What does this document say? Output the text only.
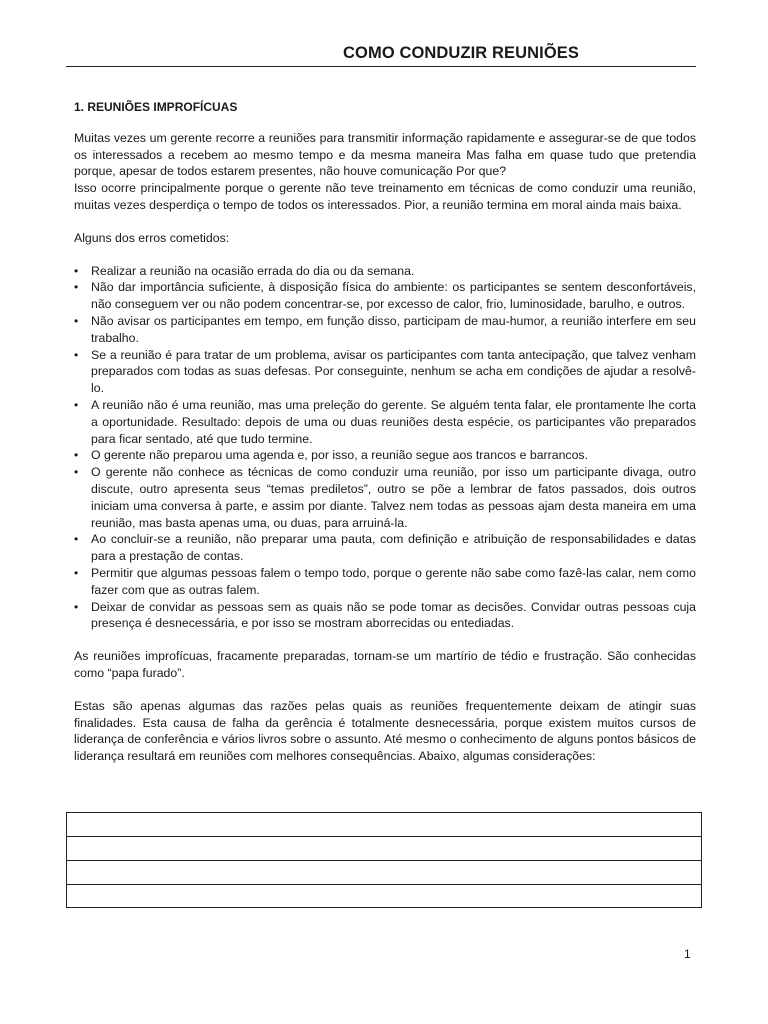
COMO CONDUZIR REUNIÕES
1. REUNIÕES IMPROFÍCUAS

Muitas vezes um gerente recorre a reuniões para transmitir informação rapidamente e assegurar-se de que todos os interessados a recebem ao mesmo tempo e da mesma maneira Mas falha em quase tudo que pretendia porque, apesar de todos estarem presentes, não houve comunicação Por que?

Isso ocorre principalmente porque o gerente não teve treinamento em técnicas de como conduzir uma reunião, muitas vezes desperdiça o tempo de todos os interessados. Pior, a reunião termina em moral ainda mais baixa.

Alguns dos erros cometidos:

• Realizar a reunião na ocasião errada do dia ou da semana.
• Não dar importância suficiente, à disposição física do ambiente: os participantes se sentem desconfortáveis, não conseguem ver ou não podem concentrar-se, por excesso de calor, frio, luminosidade, barulho, e outros.
• Não avisar os participantes em tempo, em função disso, participam de mau-humor, a reunião interfere em seu trabalho.
• Se a reunião é para tratar de um problema, avisar os participantes com tanta antecipação, que talvez venham preparados com todas as suas defesas. Por conseguinte, nenhum se acha em condições de ajudar a resolvê-lo.
• A reunião não é uma reunião, mas uma preleção do gerente. Se alguém tenta falar, ele prontamente lhe corta a oportunidade. Resultado: depois de uma ou duas reuniões desta espécie, os participantes vão preparados para ficar sentado, até que tudo termine.
• O gerente não preparou uma agenda e, por isso, a reunião segue aos trancos e barrancos.
• O gerente não conhece as técnicas de como conduzir uma reunião, por isso um participante divaga, outro discute, outro apresenta seus “temas prediletos”, outro se põe a lembrar de fatos passados, dois outros iniciam uma conversa à parte, e assim por diante. Talvez nem todas as pessoas ajam desta maneira em uma reunião, mas basta apenas uma, ou duas, para arruiná-la.
• Ao concluir-se a reunião, não preparar uma pauta, com definição e atribuição de responsabilidades e datas para a prestação de contas.
• Permitir que algumas pessoas falem o tempo todo, porque o gerente não sabe como fazê-las calar, nem como fazer com que as outras falem.
• Deixar de convidar as pessoas sem as quais não se pode tomar as decisões. Convidar outras pessoas cuja presença é desnecessária, e por isso se mostram aborrecidas ou entediadas.

As reuniões improfícuas, fracamente preparadas, tornam-se um martírio de tédio e frustração. São conhecidas como “papa furado”.

Estas são apenas algumas das razões pelas quais as reuniões frequentemente deixam de atingir suas finalidades. Esta causa de falha da gerência é totalmente desnecessária, porque existem muitos cursos de liderança de conferência e vários livros sobre o assunto. Até mesmo o conhecimento de alguns pontos básicos de liderança resultará em reuniões com melhores consequências. Abaixo, algumas considerações:

1
